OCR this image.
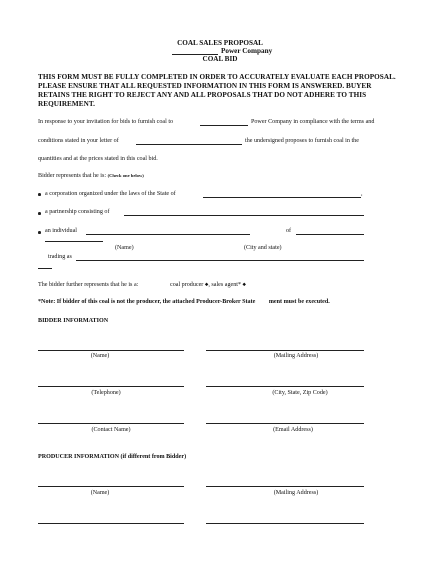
COAL SALES PROPOSAL
Power Company
COAL BID
THIS FORM MUST BE FULLY COMPLETED IN ORDER TO ACCURATELY EVALUATE EACH PROPOSAL.
PLEASE ENSURE THAT ALL REQUESTED INFORMATION IN THIS FORM IS ANSWERED. BUYER
RETAINS THE RIGHT TO REJECT ANY AND ALL PROPOSALS THAT DO NOT ADHERE TO THIS
REQUIREMENT.
In response to your invitation for bids to furnish coal to	Power Company in compliance with the terms and
conditions stated in your letter of	the undersigned proposes to furnish coal in the
quantities and at the prices stated in this coal bid.
Bidder represents that he is: (Check one below)
a corporation organized under the laws of the State of	,
a partnership consisting of
an individual	of
(Name)	(City and state)
trading as
The bidder further represents that he is a:	coal producer ◆, sales agent* ◆
*Note: If bidder of this coal is not the producer, the attached Producer-Broker State ment must be executed.
BIDDER INFORMATION
(Name)	(Mailing Address)
(Telephone)	(City, State, Zip Code)
(Contact Name)	(Email Address)
PRODUCER INFORMATION (if different from Bidder)
(Name)	(Mailing Address)
